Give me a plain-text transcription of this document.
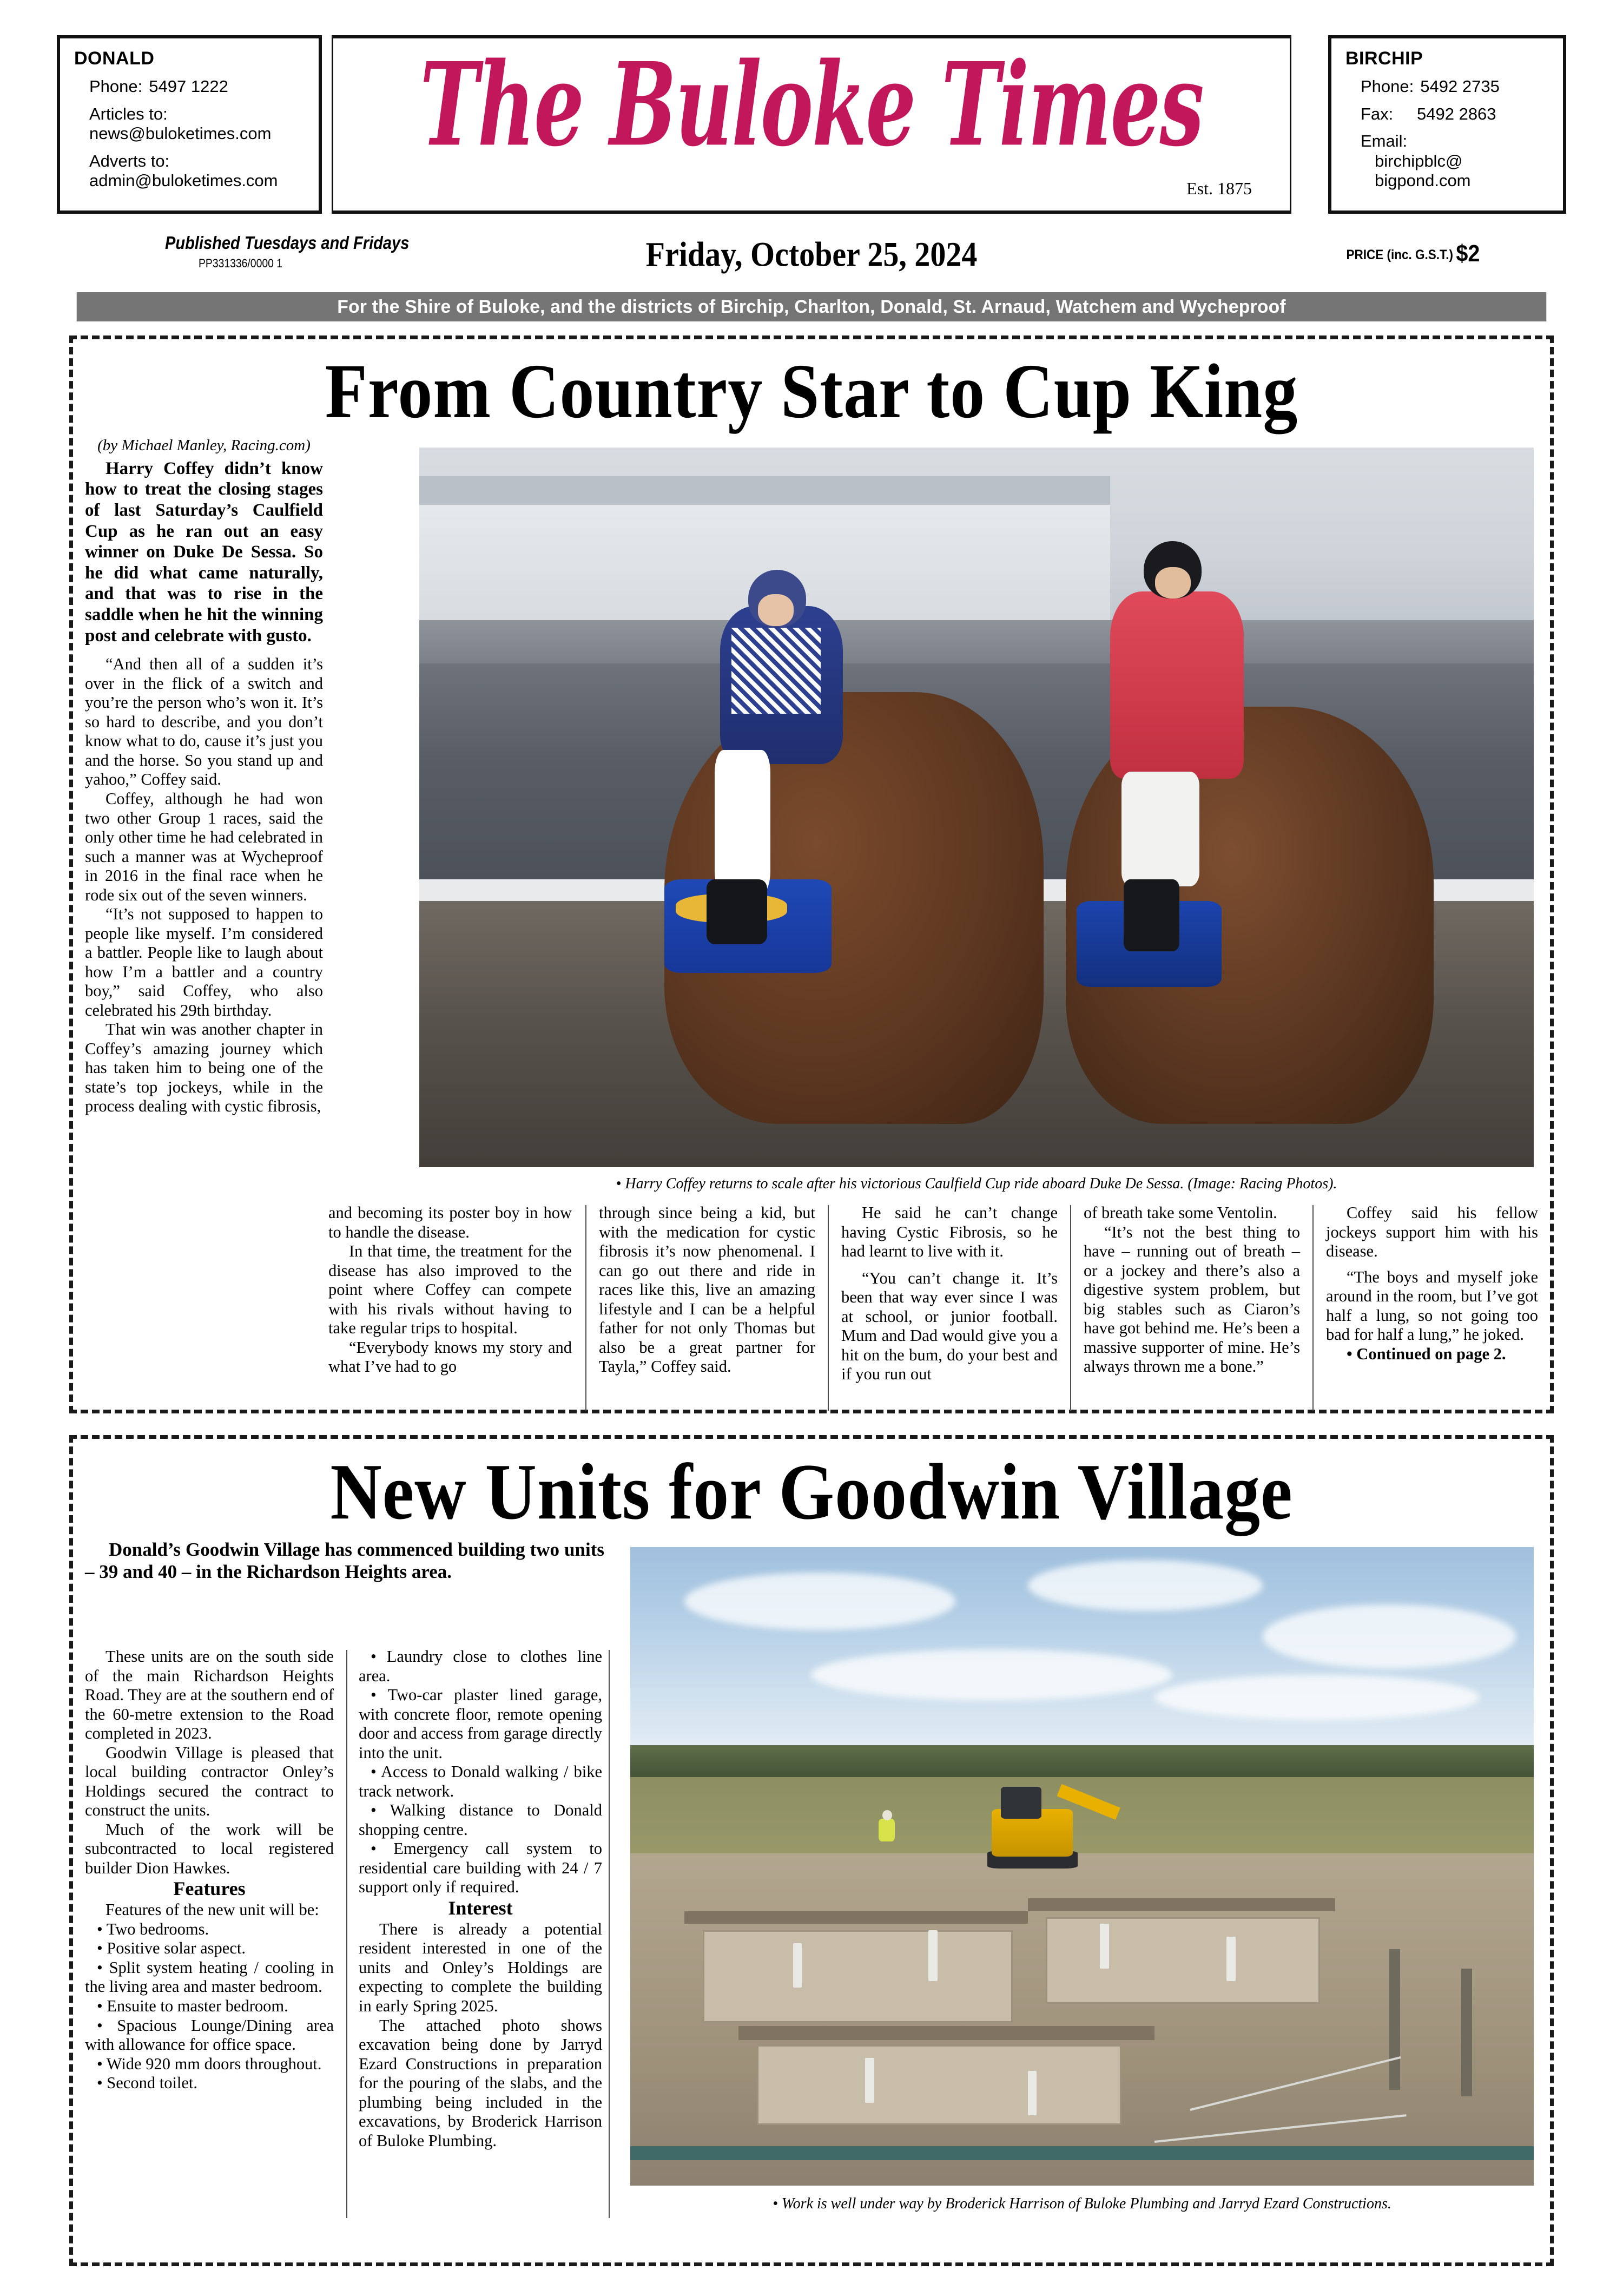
DONALD
Phone: 5497 1222
Articles to:
news@buloketimes.com
Adverts to:
admin@buloketimes.com
The Buloke Times
Est. 1875
BIRCHIP
Phone: 5492 2735
Fax: 5492 2863
Email:
birchipblc@
bigpond.com
Published Tuesdays and Fridays
PP331336/0000 1	Friday, October 25, 2024	PRICE (inc. G.S.T.) $2
For the Shire of Buloke, and the districts of Birchip, Charlton, Donald, St. Arnaud, Watchem and Wycheproof
From Country Star to Cup King
(by Michael Manley, Racing.com)

Harry Coffey didn’t know how to treat the closing stages of last Saturday’s Caulfield Cup as he ran out an easy winner on Duke De Sessa. So he did what came naturally, and that was to rise in the saddle when he hit the winning post and celebrate with gusto.

“And then all of a sudden it’s over in the flick of a switch and you’re the person who’s won it. It’s so hard to describe, and you don’t know what to do, cause it’s just you and the horse. So you stand up and yahoo,” Coffey said.

Coffey, although he had won two other Group 1 races, said the only other time he had celebrated in such a manner was at Wycheproof in 2016 in the final race when he rode six out of the seven winners.

“It’s not supposed to happen to people like myself. I’m considered a battler. People like to laugh about how I’m a battler and a country boy,” said Coffey, who also celebrated his 29th birthday.

That win was another chapter in Coffey’s amazing journey which has taken him to being one of the state’s top jockeys, while in the process dealing with cystic fibrosis,

• Harry Coffey returns to scale after his victorious Caulfield Cup ride aboard Duke De Sessa. (Image: Racing Photos).

and becoming its poster boy in how to handle the disease.

In that time, the treatment for the disease has also improved to the point where Coffey can compete with his rivals without having to take regular trips to hospital.

“Everybody knows my story and what I’ve had to go

through since being a kid, but with the medication for cystic fibrosis it’s now phenomenal. I can go out there and ride in races like this, live an amazing lifestyle and I can be a helpful father for not only Thomas but also be a great partner for Tayla,” Coffey said.

He said he can’t change having Cystic Fibrosis, so he had learnt to live with it.

“You can’t change it. It’s been that way ever since I was at school, or junior football. Mum and Dad would give you a hit on the bum, do your best and if you run out

of breath take some Ventolin.

“It’s not the best thing to have – running out of breath – or a jockey and there’s also a digestive system problem, but big stables such as Ciaron’s have got behind me. He’s been a massive supporter of mine. He’s always thrown me a bone.”

Coffey said his fellow jockeys support him with his disease.

“The boys and myself joke around in the room, but I’ve got half a lung, so not going too bad for half a lung,” he joked.

• Continued on page 2.

New Units for Goodwin Village

Donald’s Goodwin Village has commenced building two units – 39 and 40 – in the Richardson Heights area.

These units are on the south side of the main Richardson Heights Road. They are at the southern end of the 60-metre extension to the Road completed in 2023.

Goodwin Village is pleased that local building contractor Onley’s Holdings secured the contract to construct the units.

Much of the work will be subcontracted to local registered builder Dion Hawkes.

Features

Features of the new unit will be:

• Two bedrooms.

• Positive solar aspect.

• Split system heating / cooling in the living area and master bedroom.

• Ensuite to master bedroom.

• Spacious Lounge/Dining area with allowance for office space.

• Wide 920 mm doors throughout.

• Second toilet.

• Laundry close to clothes line area.

• Two-car plaster lined garage, with concrete floor, remote opening door and access from garage directly into the unit.

• Access to Donald walking / bike track network.

• Walking distance to Donald shopping centre.

• Emergency call system to residential care building with 24 / 7 support only if required.

Interest

There is already a potential resident interested in one of the units and Onley’s Holdings are expecting to complete the building in early Spring 2025.

The attached photo shows excavation being done by Jarryd Ezard Constructions in preparation for the pouring of the slabs, and the plumbing being included in the excavations, by Broderick Harrison of Buloke Plumbing.

• Work is well under way by Broderick Harrison of Buloke Plumbing and Jarryd Ezard Constructions.
